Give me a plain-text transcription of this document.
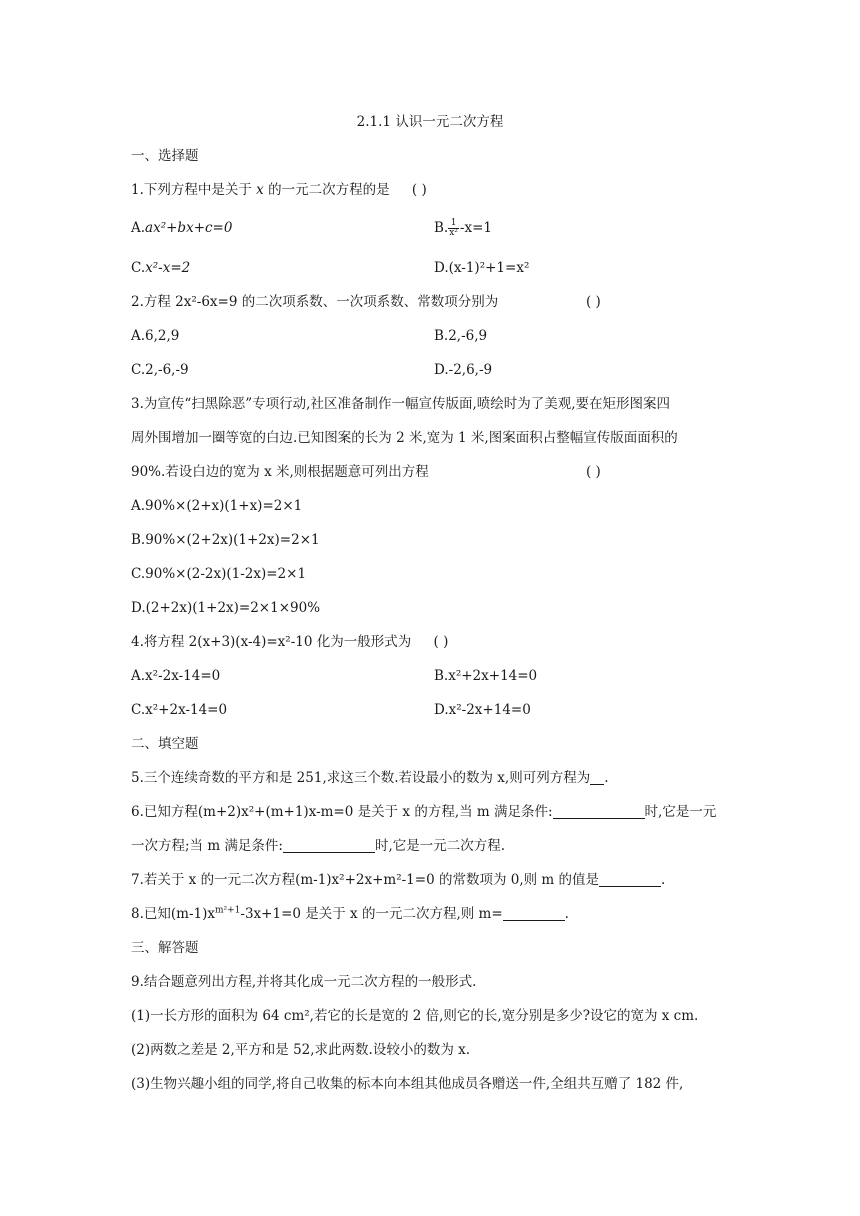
2.1.1 认识一元二次方程
一、选择题
1.下列方程中是关于 x 的一元二次方程的是 ( )
A.ax²+bx+c=0	B. $\frac{1}{\text{x²}} -x=1$
C.x²-x=2	D.(x-1)²+1=x²
2.方程 2x²-6x=9 的二次项系数、一次项系数、常数项分别为	( )
A.6,2,9	B.2,-6,9
C.2,-6,-9	D.-2,6,-9
3.为宣传“扫黑除恶”专项行动,社区准备制作一幅宣传版面,喷绘时为了美观,要在矩形图案四
周外围增加一圈等宽的白边.已知图案的长为 2 米,宽为 1 米,图案面积占整幅宣传版面面积的
90%.若设白边的宽为 x 米,则根据题意可列出方程	( )
A.90%×(2+x)(1+x)=2×1
B.90%×(2+2x)(1+2x)=2×1
C.90%×(2-2x)(1-2x)=2×1
D.(2+2x)(1+2x)=2×1×90%
4.将方程 2(x+3)(x-4)=x²-10 化为一般形式为 ( )
A.x²-2x-14=0	B.x²+2x+14=0
C.x²+2x-14=0	D.x²-2x+14=0
二、填空题
5.三个连续奇数的平方和是 251,求这三个数.若设最小的数为 x,则可列方程为 .
6.已知方程(m+2)x²+(m+1)x-m=0 是关于 x 的方程,当 m 满足条件:	时,它是一元
一次方程;当 m 满足条件:	时,它是一元二次方程.
7.若关于 x 的一元二次方程(m-1)x²+2x+m²-1=0 的常数项为 0,则 m 的值是	.
8.已知$(m-1)x^{m^2+1}-3x+1=0$ 是关于 x 的一元二次方程,则 m=	.
三、解答题
9.结合题意列出方程,并将其化成一元二次方程的一般形式.
(1)一长方形的面积为 64 cm²,若它的长是宽的 2 倍,则它的长,宽分别是多少?设它的宽为 x cm.
(2)两数之差是 2,平方和是 52,求此两数.设较小的数为 x.
(3)生物兴趣小组的同学,将自己收集的标本向本组其他成员各赠送一件,全组共互赠了 182 件,
